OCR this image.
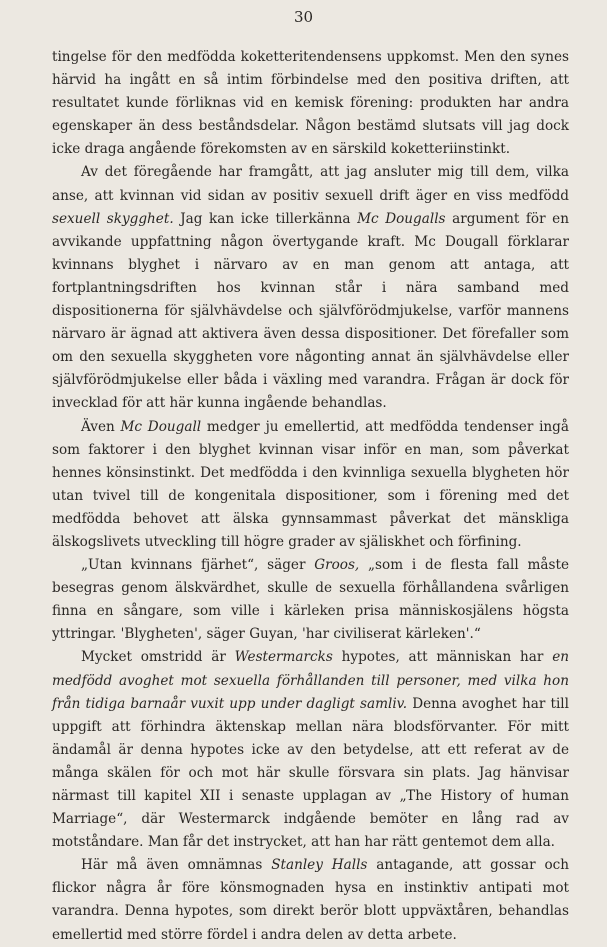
30

tingelse för den medfödda koketteritendensens uppkomst. Men den synes härvid ha ingått en så intim förbindelse med den positiva driften, att resultatet kunde förliknas vid en kemisk förening: produkten har andra egenskaper än dess beståndsdelar. Någon bestämd slutsats vill jag dock icke draga angående förekomsten av en särskild koketteriinstinkt.

Av det föregående har framgått, att jag ansluter mig till dem, vilka anse, att kvinnan vid sidan av positiv sexuell drift äger en viss medfödd sexuell skygghet. Jag kan icke tillerkänna Mc Dougalls argument för en avvikande uppfattning någon övertygande kraft. Mc Dougall förklarar kvinnans blyghet i närvaro av en man genom att antaga, att fortplantningsdriften hos kvinnan står i nära samband med dispositionerna för självhävdelse och självförödmjukelse, varför mannens närvaro är ägnad att aktivera även dessa dispositioner. Det förefaller som om den sexuella skyggheten vore någonting annat än självhävdelse eller självförödmjukelse eller båda i växling med varandra. Frågan är dock för invecklad för att här kunna ingående behandlas.

Även Mc Dougall medger ju emellertid, att medfödda tendenser ingå som faktorer i den blyghet kvinnan visar inför en man, som påverkat hennes könsinstinkt. Det medfödda i den kvinnliga sexuella blygheten hör utan tvivel till de kongenitala dispositioner, som i förening med det medfödda behovet att älska gynnsammast påverkat det mänskliga älskogslivets utveckling till högre grader av själiskhet och förfining.

„Utan kvinnans fjärhet“, säger Groos, „som i de flesta fall måste besegras genom älskvärdhet, skulle de sexuella förhållandena svårligen finna en sångare, som ville i kärleken prisa människosjälens högsta yttringar. 'Blygheten', säger Guyan, 'har civiliserat kärleken'.“

Mycket omstridd är Westermarcks hypotes, att människan har en medfödd avoghet mot sexuella förhållanden till personer, med vilka hon från tidiga barnaår vuxit upp under dagligt samliv. Denna avoghet har till uppgift att förhindra äktenskap mellan nära blodsförvanter. För mitt ändamål är denna hypotes icke av den betydelse, att ett referat av de många skälen för och mot här skulle försvara sin plats. Jag hänvisar närmast till kapitel XII i senaste upplagan av „The History of human Marriage“, där Westermarck indgående bemöter en lång rad av motståndare. Man får det instrycket, att han har rätt gentemot dem alla.

Här må även omnämnas Stanley Halls antagande, att gossar och flickor några år före könsmognaden hysa en instinktiv antipati mot varandra. Denna hypotes, som direkt berör blott uppväxtåren, behandlas emellertid med större fördel i andra delen av detta arbete.
